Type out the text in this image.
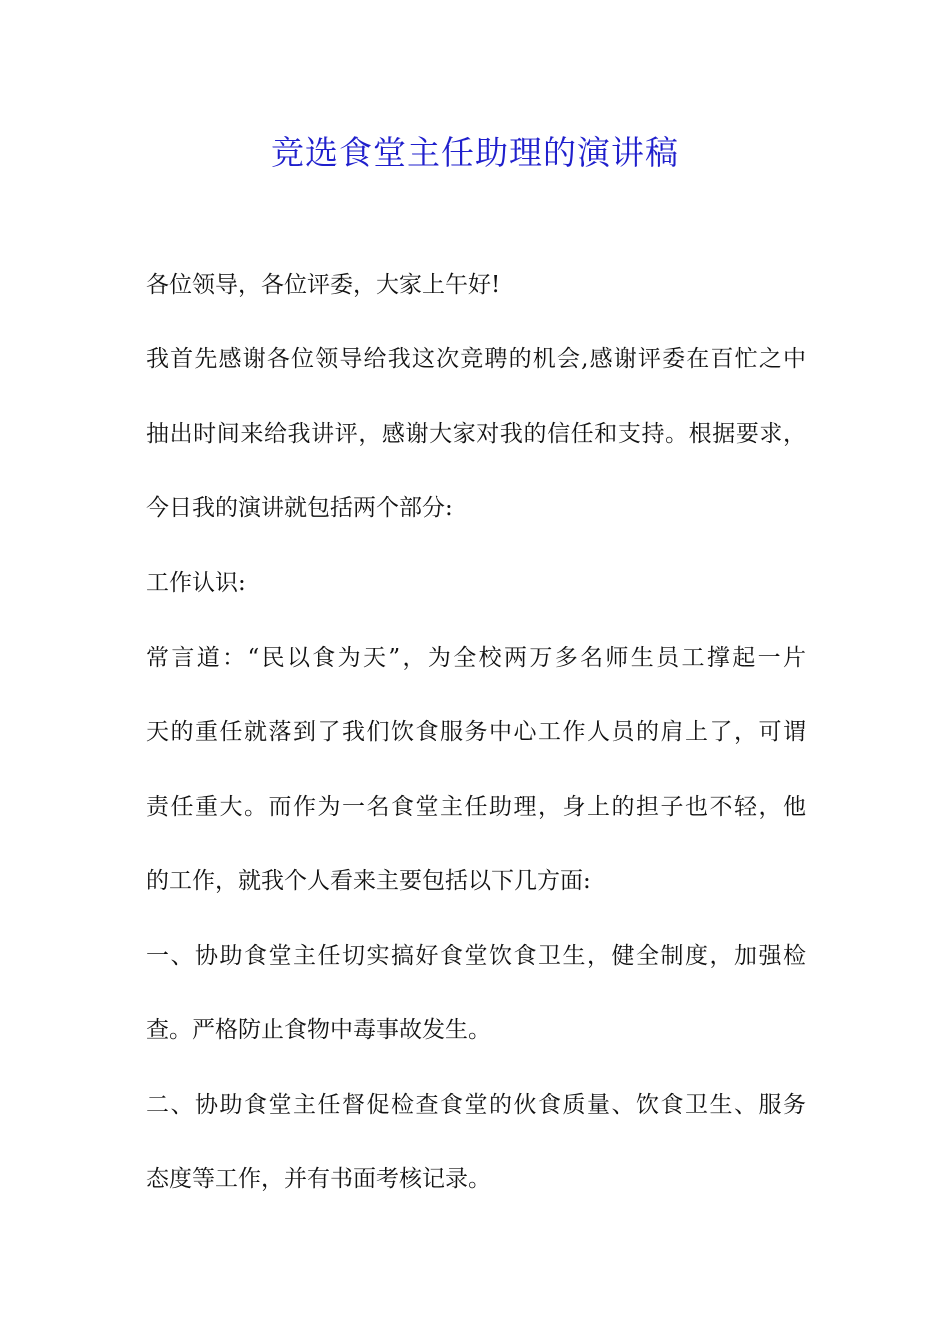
竞选食堂主任助理的演讲稿
各位领导，各位评委，大家上午好!
我首先感谢各位领导给我这次竞聘的机会,感谢评委在百忙之中
抽出时间来给我讲评，感谢大家对我的信任和支持。根据要求，
今日我的演讲就包括两个部分:
工作认识:
常言道：“民以食为天”，为全校两万多名师生员工撑起一片
天的重任就落到了我们饮食服务中心工作人员的肩上了，可谓
责任重大。而作为一名食堂主任助理，身上的担子也不轻，他
的工作，就我个人看来主要包括以下几方面:
一、协助食堂主任切实搞好食堂饮食卫生，健全制度，加强检
查。严格防止食物中毒事故发生。
二、协助食堂主任督促检查食堂的伙食质量、饮食卫生、服务
态度等工作，并有书面考核记录。
